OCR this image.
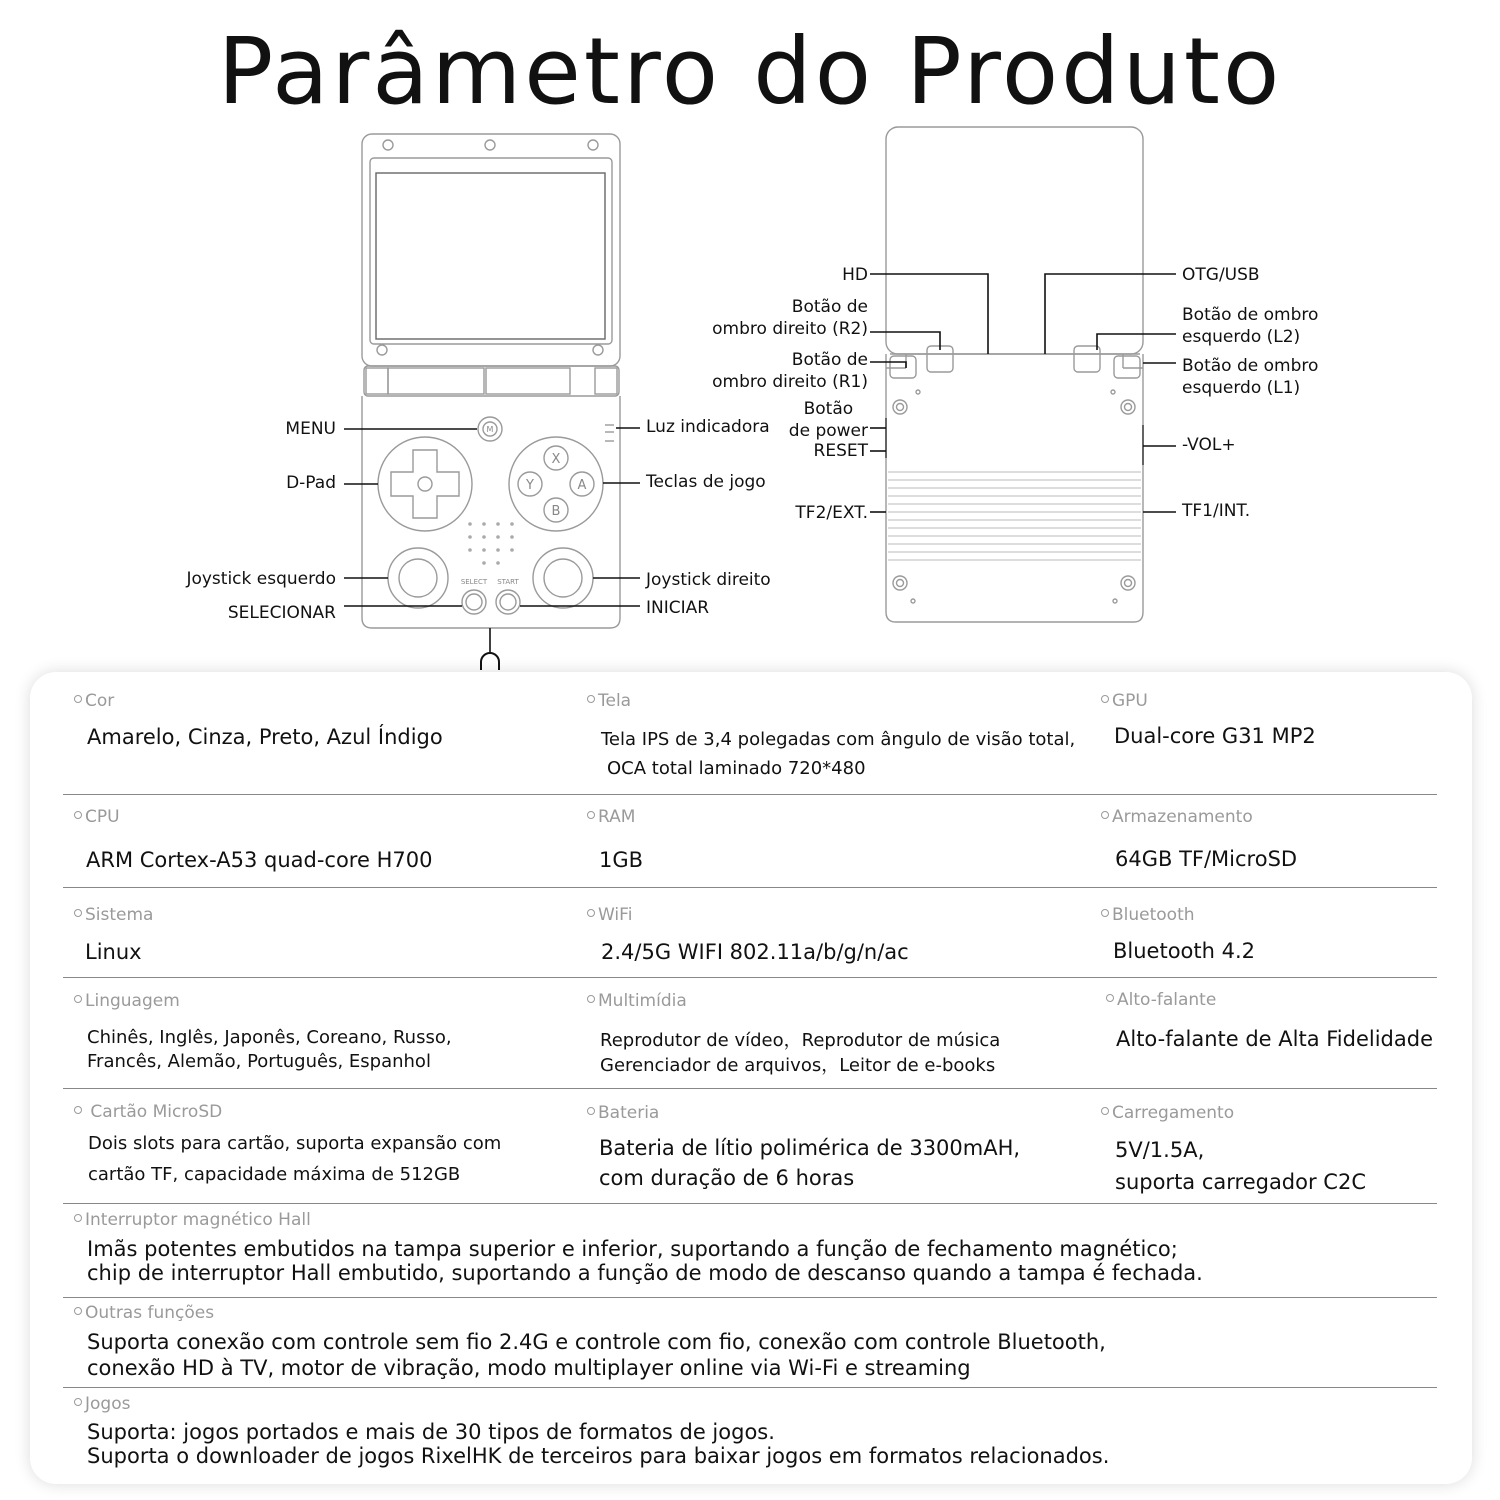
Parâmetro do Produto
M
X
Y	A
B
SELECT START
MENU
D-Pad
Joystick esquerdo
SELECIONAR
Luz indicadora
Teclas de jogo
Joystick direito
INICIAR
HD
Botão de
ombro direito (R2)
Botão de
ombro direito (R1)
Botão
de power
RESET
TF2/EXT.
OTG/USB
Botão de ombro
esquerdo (L2)
Botão de ombro
esquerdo (L1)
-VOL+
TF1/INT.
Cor
Amarelo, Cinza, Preto, Azul Índigo
Tela
Tela IPS de 3,4 polegadas com ângulo de visão total,
OCA total laminado 720*480
GPU
Dual-core G31 MP2
CPU
ARM Cortex-A53 quad-core H700
RAM
1GB
Armazenamento
64GB TF/MicroSD
Sistema
Linux
WiFi
2.4/5G WIFI 802.11a/b/g/n/ac
Bluetooth
Bluetooth 4.2
Linguagem
Chinês, Inglês, Japonês, Coreano, Russo,
Francês, Alemão, Português, Espanhol
Multimídia
Reprodutor de vídeo，Reprodutor de música
Gerenciador de arquivos，Leitor de e-books
Alto-falante
Alto-falante de Alta Fidelidade
Cartão MicroSD
Dois slots para cartão, suporta expansão com
cartão TF, capacidade máxima de 512GB
Bateria
Bateria de lítio polimérica de 3300mAH,
com duração de 6 horas
Carregamento
5V/1.5A,
suporta carregador C2C
Interruptor magnético Hall
Imãs potentes embutidos na tampa superior e inferior, suportando a função de fechamento magnético;
chip de interruptor Hall embutido, suportando a função de modo de descanso quando a tampa é fechada.
Outras funções
Suporta conexão com controle sem fio 2.4G e controle com fio, conexão com controle Bluetooth,
conexão HD à TV, motor de vibração, modo multiplayer online via Wi-Fi e streaming
Jogos
Suporta: jogos portados e mais de 30 tipos de formatos de jogos.
Suporta o downloader de jogos RixelHK de terceiros para baixar jogos em formatos relacionados.
